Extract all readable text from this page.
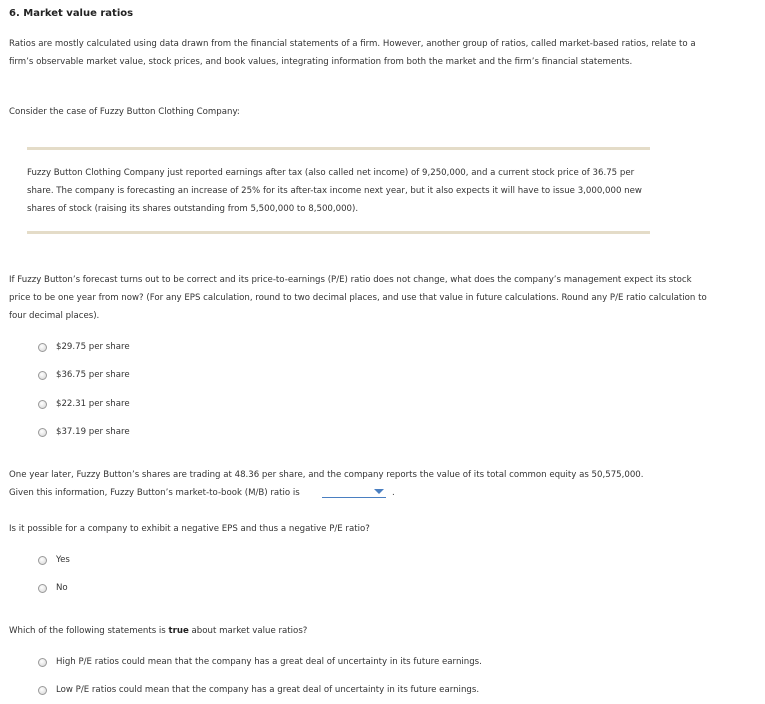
6. Market value ratios
Ratios are mostly calculated using data drawn from the financial statements of a firm. However, another group of ratios, called market-based ratios, relate to a firm’s observable market value, stock prices, and book values, integrating information from both the market and the firm’s financial statements.
Consider the case of Fuzzy Button Clothing Company:
Fuzzy Button Clothing Company just reported earnings after tax (also called net income) of 9,250,000, and a current stock price of 36.75 per share. The company is forecasting an increase of 25% for its after-tax income next year, but it also expects it will have to issue 3,000,000 new shares of stock (raising its shares outstanding from 5,500,000 to 8,500,000).
If Fuzzy Button’s forecast turns out to be correct and its price-to-earnings (P/E) ratio does not change, what does the company’s management expect its stock price to be one year from now? (For any EPS calculation, round to two decimal places, and use that value in future calculations. Round any P/E ratio calculation to four decimal places).
$29.75 per share
$36.75 per share
$22.31 per share
$37.19 per share
One year later, Fuzzy Button’s shares are trading at 48.36 per share, and the company reports the value of its total common equity as 50,575,000.
Given this information, Fuzzy Button’s market-to-book (M/B) ratio is	.
Is it possible for a company to exhibit a negative EPS and thus a negative P/E ratio?
Yes
No
Which of the following statements is true about market value ratios?
High P/E ratios could mean that the company has a great deal of uncertainty in its future earnings.
Low P/E ratios could mean that the company has a great deal of uncertainty in its future earnings.
